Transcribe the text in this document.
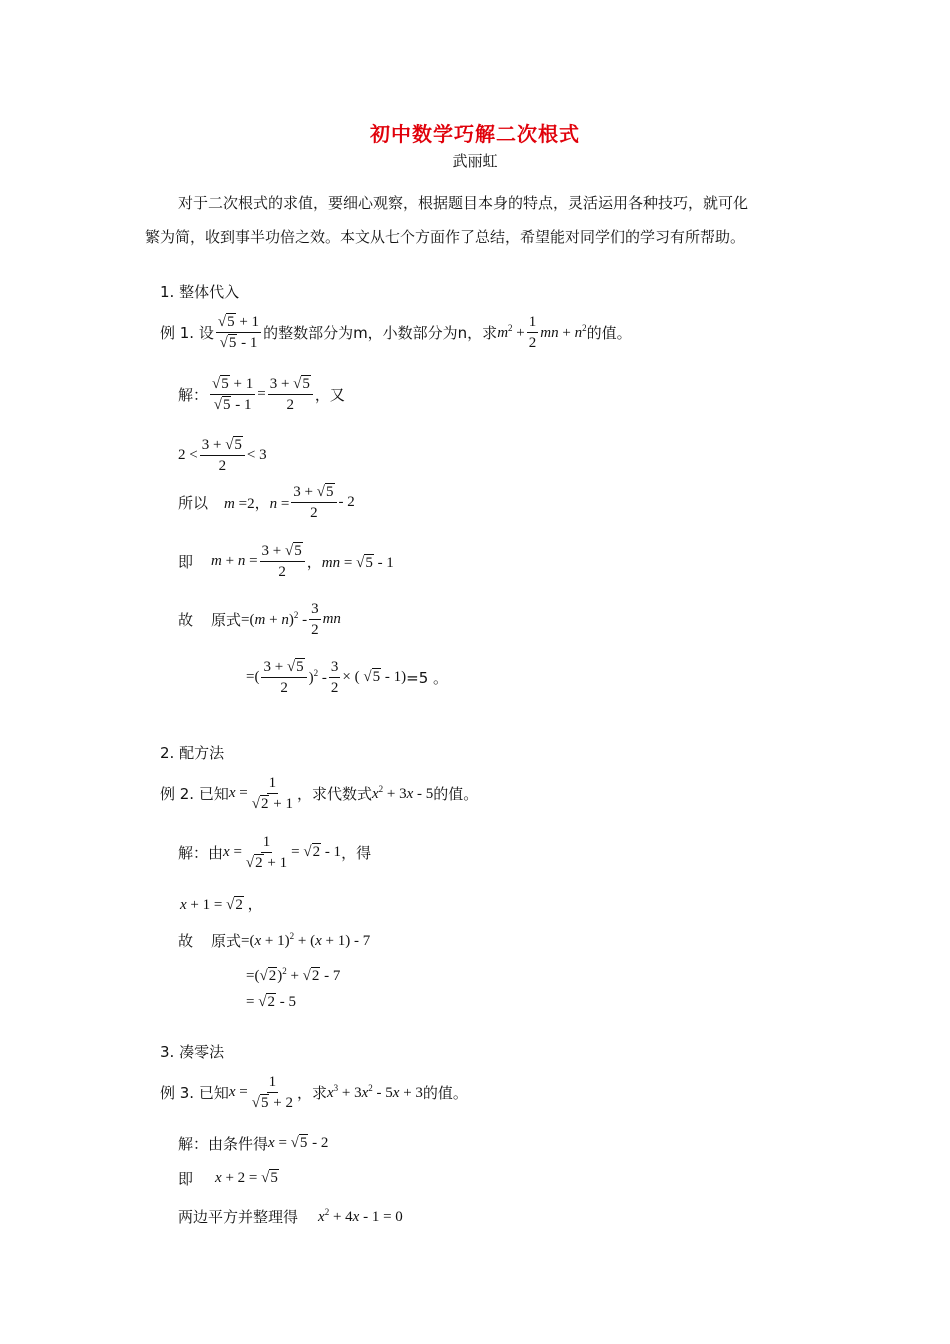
初中数学巧解二次根式
武丽虹
对于二次根式的求值，要细心观察，根据题目本身的特点，灵活运用各种技巧，就可化
繁为简，收到事半功倍之效。本文从七个方面作了总结，希望能对同学们的学习有所帮助。
1. 整体代入
例 1. 设 $\frac{√5 + 1}{√5 - 1}$ 的整数部分为m，小数部分为n，求 $m^2 + \frac{1}{2}$ mn + $n^2$ 的值。
解： $\frac{√5 + 1}{√5 - 1} = \frac{3 + √5}{2}$ ，又
$2 < \frac{3 + √5}{2} < 3$
所以 m =2，$n = \frac{3 + √5}{2} - 2$
即 $m + n = \frac{3 + √5}{2}$ ，mn = √5 - 1
故 原式 $=(m + n)^2 - \frac{3}{2}$ mn
=( $\frac{3 + √5}{2} )^2 - \frac{3}{2}$ × ( √5 - 1) =5 。
2. 配方法
例 2. 已知 $x = \frac{1}{√2 + 1}$ ，求代数式 $x^2 + 3x - 5$ 的值。
解：由 $x = \frac{1}{√2 + 1} = √2 - 1$ ，得
x + 1 = √2 ，
故 原式 $=(x + 1)^2 + (x + 1) - 7$
$=(√2)^2 + √2 - 7$
= √2 - 5
3. 凑零法
例 3. 已知 $x = \frac{1}{√5 + 2}$ ，求 $x^3 + 3x^2 - 5x + 3$ 的值。
解：由条件得 x = √5 - 2
即 x + 2 = √5
两边平方并整理得 $x^2 + 4x - 1 = 0$
